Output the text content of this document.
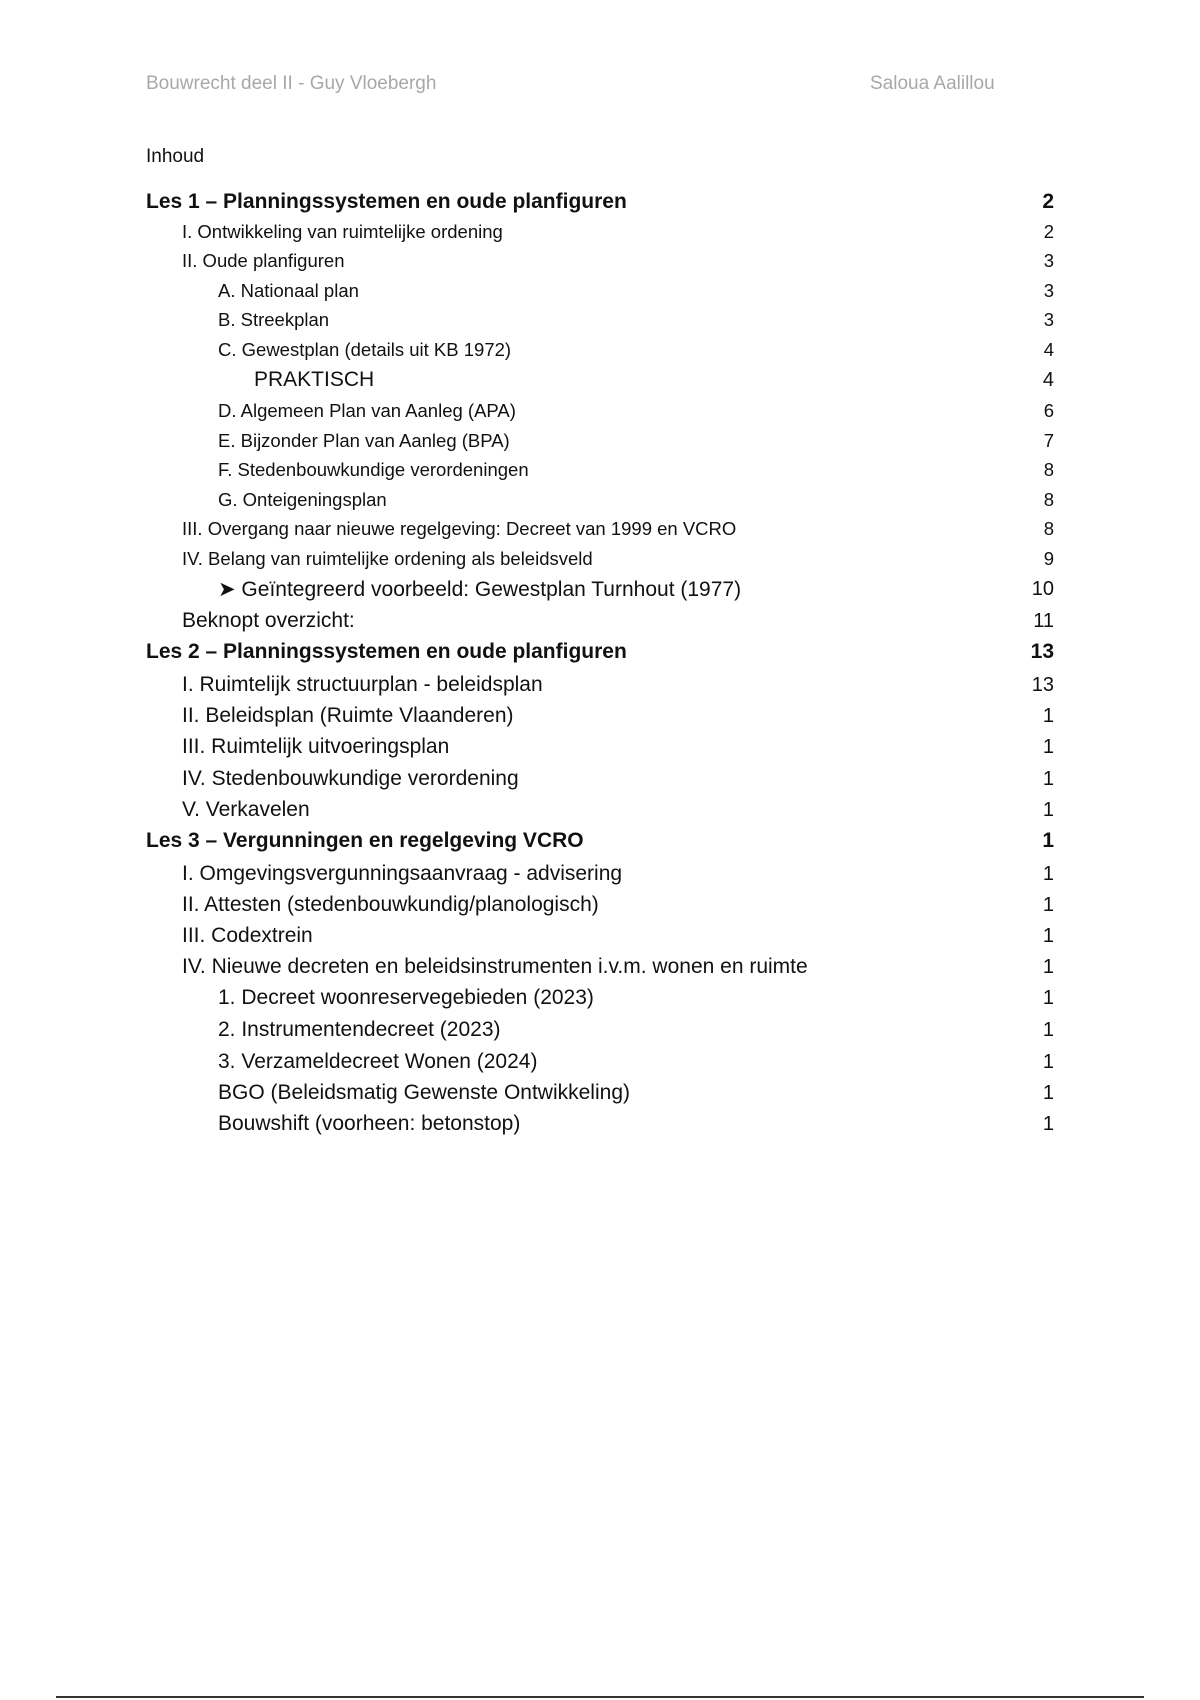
Bouwrecht deel II - Guy Vloebergh	Saloua Aalillou
Inhoud
Les 1 – Planningssystemen en oude planfiguren	2
I. Ontwikkeling van ruimtelijke ordening	2
II. Oude planfiguren	3
A. Nationaal plan	3
B. Streekplan	3
C. Gewestplan (details uit KB 1972)	4
PRAKTISCH	4
D. Algemeen Plan van Aanleg (APA)	6
E. Bijzonder Plan van Aanleg (BPA)	7
F. Stedenbouwkundige verordeningen	8
G. Onteigeningsplan	8
III. Overgang naar nieuwe regelgeving: Decreet van 1999 en VCRO	8
IV. Belang van ruimtelijke ordening als beleidsveld	9
➤ Geïntegreerd voorbeeld: Gewestplan Turnhout (1977)	10
Beknopt overzicht:	11
Les 2 – Planningssystemen en oude planfiguren	13
I. Ruimtelijk structuurplan - beleidsplan	13
II. Beleidsplan (Ruimte Vlaanderen)	1
III. Ruimtelijk uitvoeringsplan	1
IV. Stedenbouwkundige verordening	1
V. Verkavelen	1
Les 3 – Vergunningen en regelgeving VCRO	1
I. Omgevingsvergunningsaanvraag - advisering	1
II. Attesten (stedenbouwkundig/planologisch)	1
III. Codextrein	1
IV. Nieuwe decreten en beleidsinstrumenten i.v.m. wonen en ruimte	1
1. Decreet woonreservegebieden (2023)	1
2. Instrumentendecreet (2023)	1
3. Verzameldecreet Wonen (2024)	1
BGO (Beleidsmatig Gewenste Ontwikkeling)	1
Bouwshift (voorheen: betonstop)	1
